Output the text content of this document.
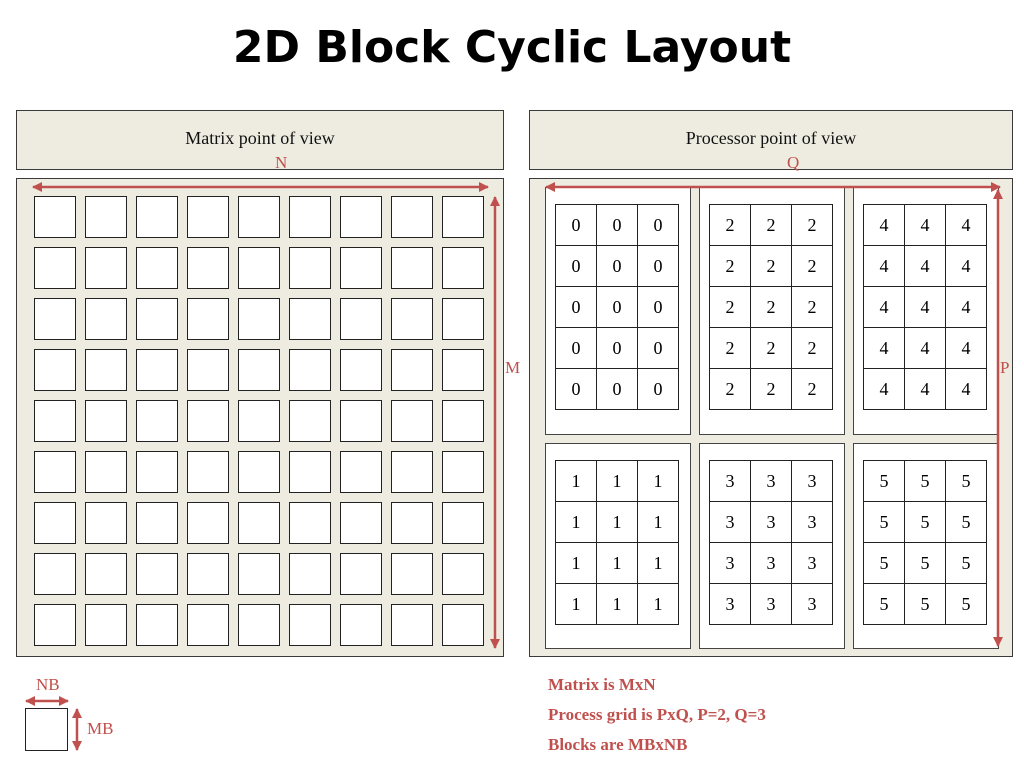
2D Block Cyclic Layout
Matrix point of view	Processor point of view
0	0	0
0	0	0
0	0	0
0	0	0
0	0	0
2	2	2
2	2	2
2	2	2
2	2	2
2	2	2
4	4	4
4	4	4
4	4	4
4	4	4
4	4	4
1	1	1
1	1	1
1	1	1
1	1	1
3	3	3
3	3	3
3	3	3
3	3	3
5	5	5
5	5	5
5	5	5
5	5	5
N
M
Q
P
NB
MB
Matrix is MxN
Process grid is PxQ, P=2, Q=3
Blocks are MBxNB
